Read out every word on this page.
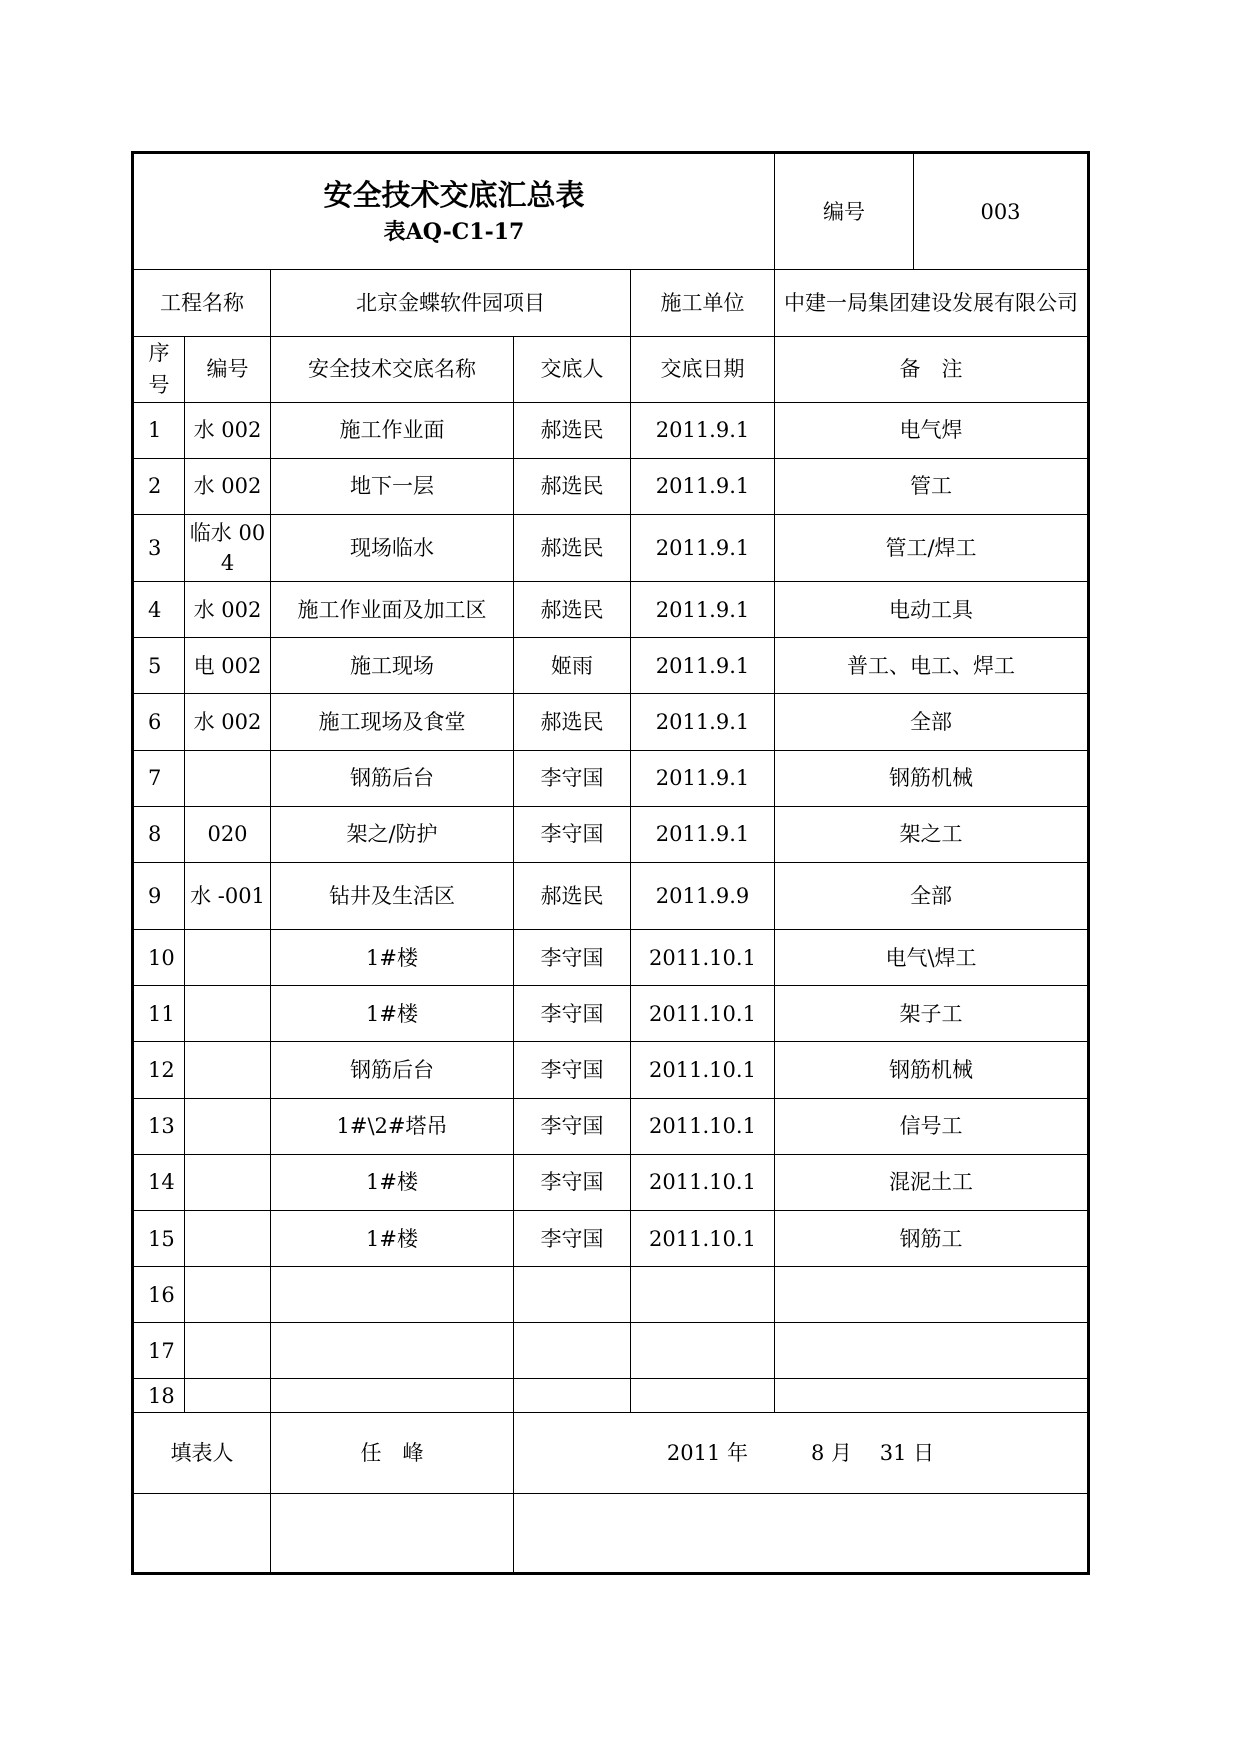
安全技术交底汇总表
表AQ-C1-17					编号	003
工程名称		北京金蝶软件园项目		施工单位	中建一局集团建设发展有限公司	
序号	编号	安全技术交底名称	交底人	交底日期	备　注	
1	水 002	施工作业面	郝选民	2011.9.1	电气焊	
2	水 002	地下一层	郝选民	2011.9.1	管工	
3	临水 004	现场临水	郝选民	2011.9.1	管工/焊工	
4	水 002	施工作业面及加工区	郝选民	2011.9.1	电动工具	
5	电 002	施工现场	姬雨	2011.9.1	普工、电工、焊工	
6	水 002	施工现场及食堂	郝选民	2011.9.1	全部	
7		钢筋后台	李守国	2011.9.1	钢筋机械	
8	020	架之/防护	李守国	2011.9.1	架之工	
9	水 -001	钻井及生活区	郝选民	2011.9.9	全部	
10		1#楼	李守国	2011.10.1	电气\焊工	
11		1#楼	李守国	2011.10.1	架子工	
12		钢筋后台	李守国	2011.10.1	钢筋机械	
13		1#\2#塔吊	李守国	2011.10.1	信号工	
14		1#楼	李守国	2011.10.1	混泥土工	
15		1#楼	李守国	2011.10.1	钢筋工	
16						
17						
18						
填表人		任　峰	2011 年　　　8 月　 31 日			
